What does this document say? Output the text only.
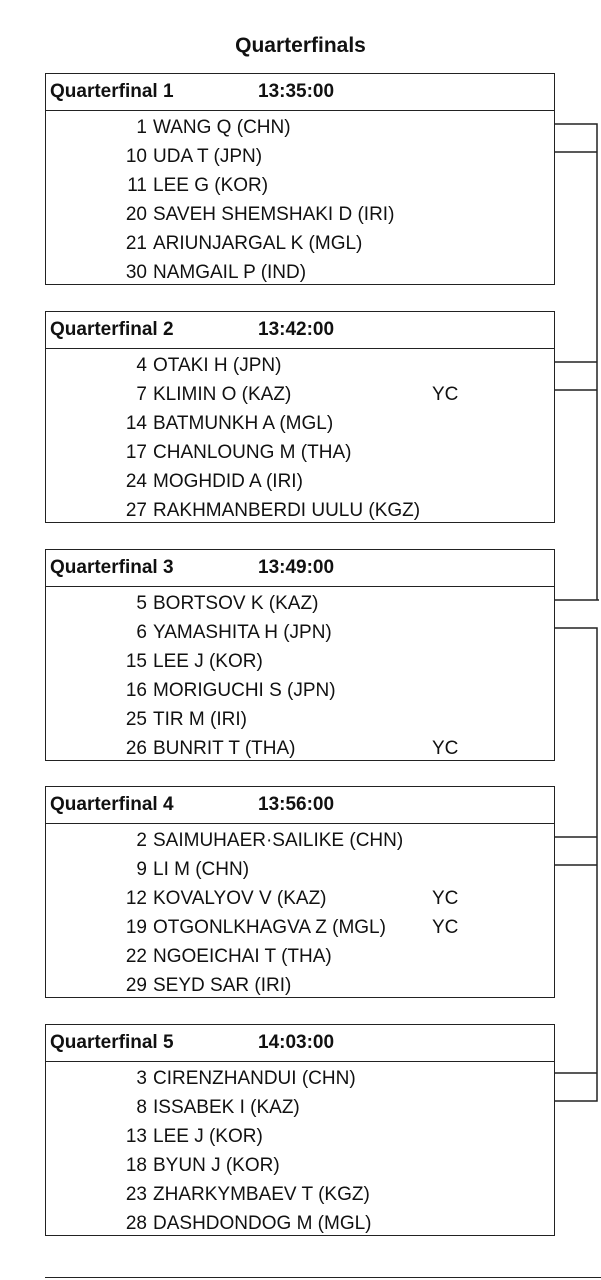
Quarterfinals
Quarterfinal 1	13:35:00
1 WANG Q (CHN)
10 UDA T (JPN)
11 LEE G (KOR)
20 SAVEH SHEMSHAKI D (IRI)
21 ARIUNJARGAL K (MGL)
30 NAMGAIL P (IND)
Quarterfinal 2	13:42:00
4 OTAKI H (JPN)
7 KLIMIN O (KAZ)	YC
14 BATMUNKH A (MGL)
17 CHANLOUNG M (THA)
24 MOGHDID A (IRI)
27 RAKHMANBERDI UULU (KGZ)
Quarterfinal 3	13:49:00
5 BORTSOV K (KAZ)
6 YAMASHITA H (JPN)
15 LEE J (KOR)
16 MORIGUCHI S (JPN)
25 TIR M (IRI)
26 BUNRIT T (THA)	YC
Quarterfinal 4	13:56:00
2 SAIMUHAER·SAILIKE (CHN)
9 LI M (CHN)
12 KOVALYOV V (KAZ)	YC
19 OTGONLKHAGVA Z (MGL) YC
22 NGOEICHAI T (THA)
29 SEYD SAR (IRI)
Quarterfinal 5	14:03:00
3 CIRENZHANDUI (CHN)
8 ISSABEK I (KAZ)
13 LEE J (KOR)
18 BYUN J (KOR)
23 ZHARKYMBAEV T (KGZ)
28 DASHDONDOG M (MGL)
